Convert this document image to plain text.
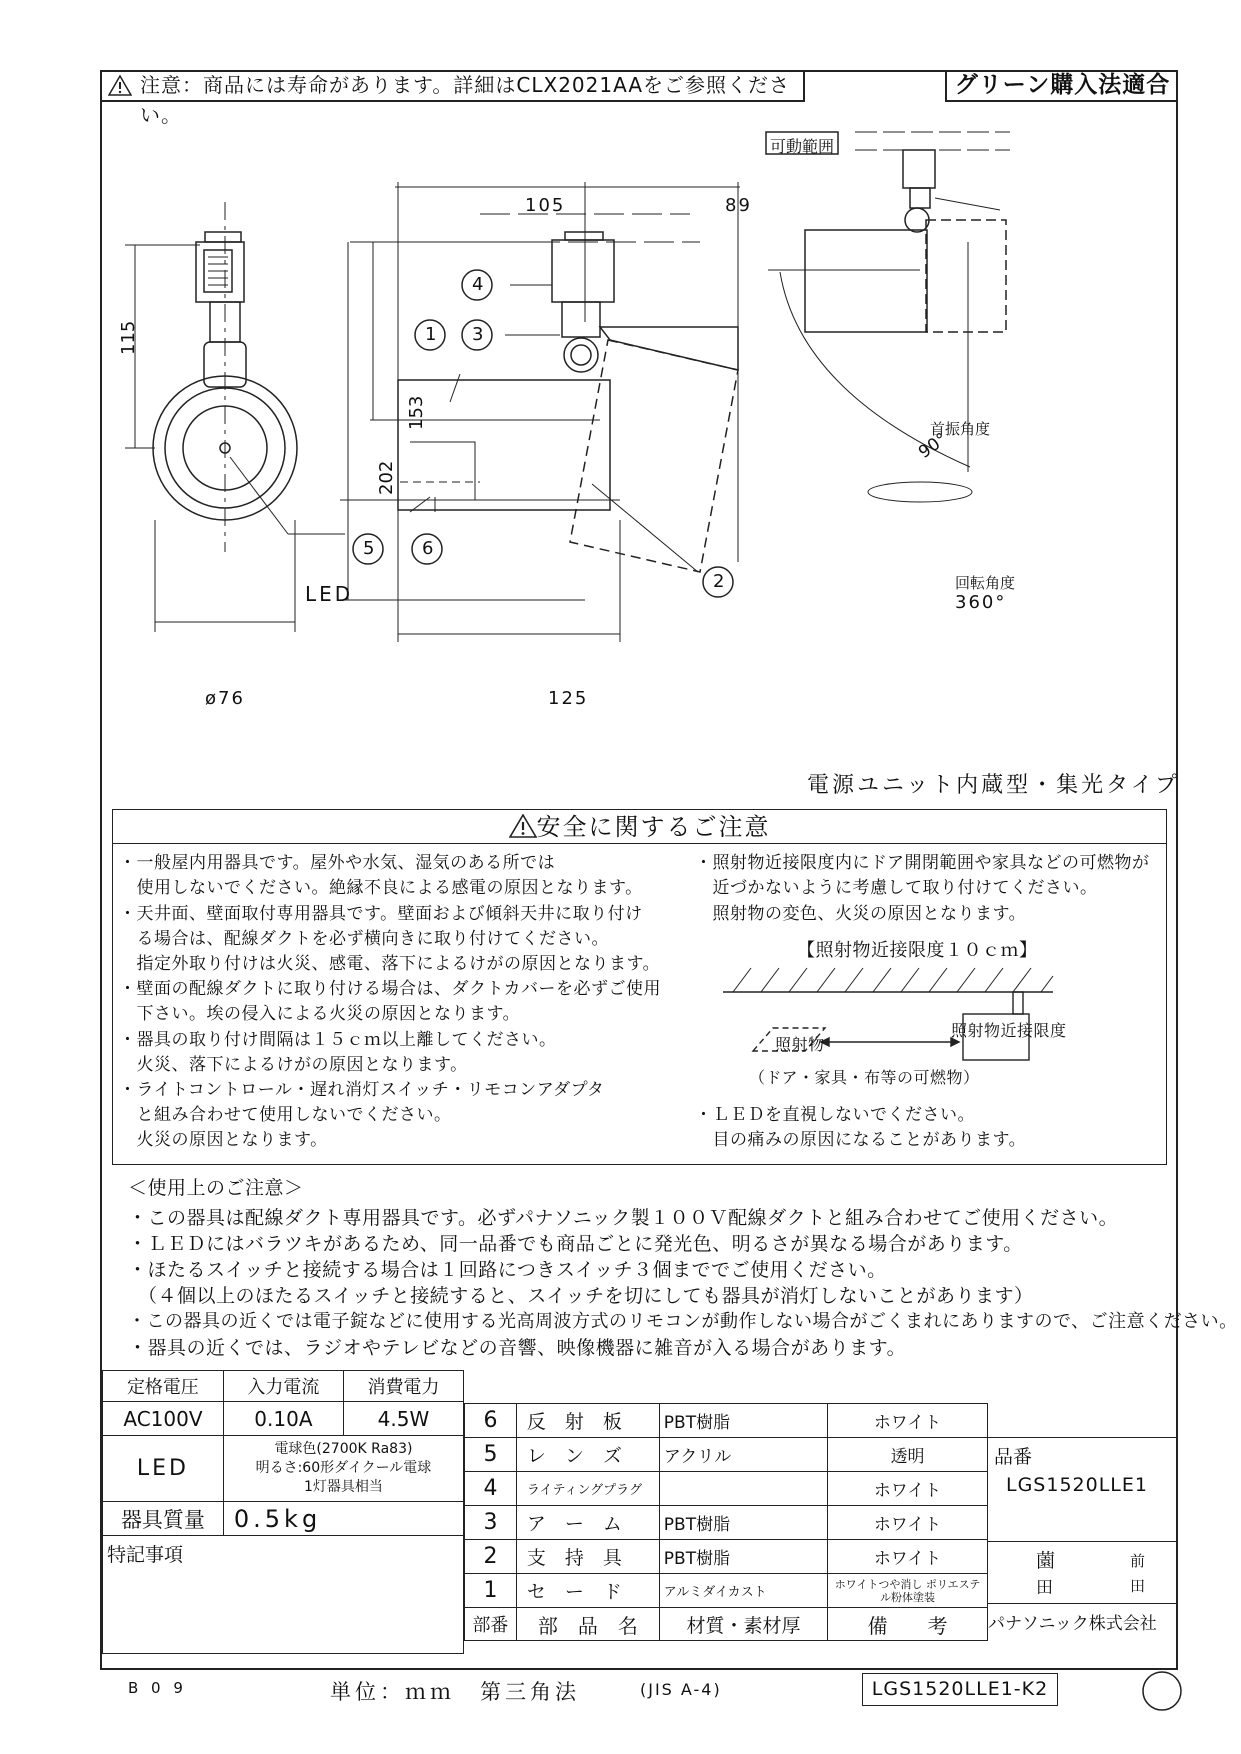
注意：商品には寿命があります。詳細はCLX2021AAをご参照ください。
グリーン購入法適合
115
ø76
LED
105	89
153
202
125
4
1 3
5	6
2
可動範囲
首振角度
90°
回転角度
360°
電源ユニット内蔵型・集光タイプ
安全に関するご注意
・一般屋内用器具です。屋外や水気、湿気のある所では
　使用しないでください。絶縁不良による感電の原因となります。
・天井面、壁面取付専用器具です。壁面および傾斜天井に取り付け
　る場合は、配線ダクトを必ず横向きに取り付けてください。
　指定外取り付けは火災、感電、落下によるけがの原因となります。
・壁面の配線ダクトに取り付ける場合は、ダクトカバーを必ずご使用
　下さい。埃の侵入による火災の原因となります。
・器具の取り付け間隔は１５ｃｍ以上離してください。
　火災、落下によるけがの原因となります。
・ライトコントロール・遅れ消灯スイッチ・リモコンアダプタ
　と組み合わせて使用しないでください。
　火災の原因となります。
・照射物近接限度内にドア開閉範囲や家具などの可燃物が
　近づかないように考慮して取り付けてください。
　照射物の変色、火災の原因となります。
【照射物近接限度１０ｃｍ】
照射物
照射物近接限度
（ドア・家具・布等の可燃物）
・ＬＥＤを直視しないでください。
　目の痛みの原因になることがあります。
＜使用上のご注意＞
・この器具は配線ダクト専用器具です。必ずパナソニック製１００Ｖ配線ダクトと組み合わせてご使用ください。
・ＬＥＤにはバラツキがあるため、同一品番でも商品ごとに発光色、明るさが異なる場合があります。
・ほたるスイッチと接続する場合は１回路につきスイッチ３個まででご使用ください。
　（４個以上のほたるスイッチと接続すると、スイッチを切にしても器具が消灯しないことがあります）
・この器具の近くでは電子錠などに使用する光高周波方式のリモコンが動作しない場合がごくまれにありますので、ご注意ください。
・器具の近くでは、ラジオやテレビなどの音響、映像機器に雑音が入る場合があります。
定格電圧	入力電流	消費電力
AC100V	0.10A	4.5W
LED	電球色(2700K Ra83)
明るさ:60形ダイクール電球
1灯器具相当	

器具質量	0.5kg	
特記事項		
6	反　射　板	PBT樹脂	ホワイト
5	レ　ン　ズ	アクリル	透明
4	ライティングプラグ		ホワイト
3	ア　ー　ム	PBT樹脂	ホワイト
2	支　持　具	PBT樹脂	ホワイト
1	セ　ー　ド	アルミダイカスト	ホワイトつや消し ポリエステル粉体塗装
部番	部　品　名	材質・素材厚	備　　考
品番
LGS1520LLE1
薗
田
前
田
パナソニック株式会社
B 0 9	単位：ｍｍ　第三角法	(JIS A-4)	LGS1520LLE1-K2
